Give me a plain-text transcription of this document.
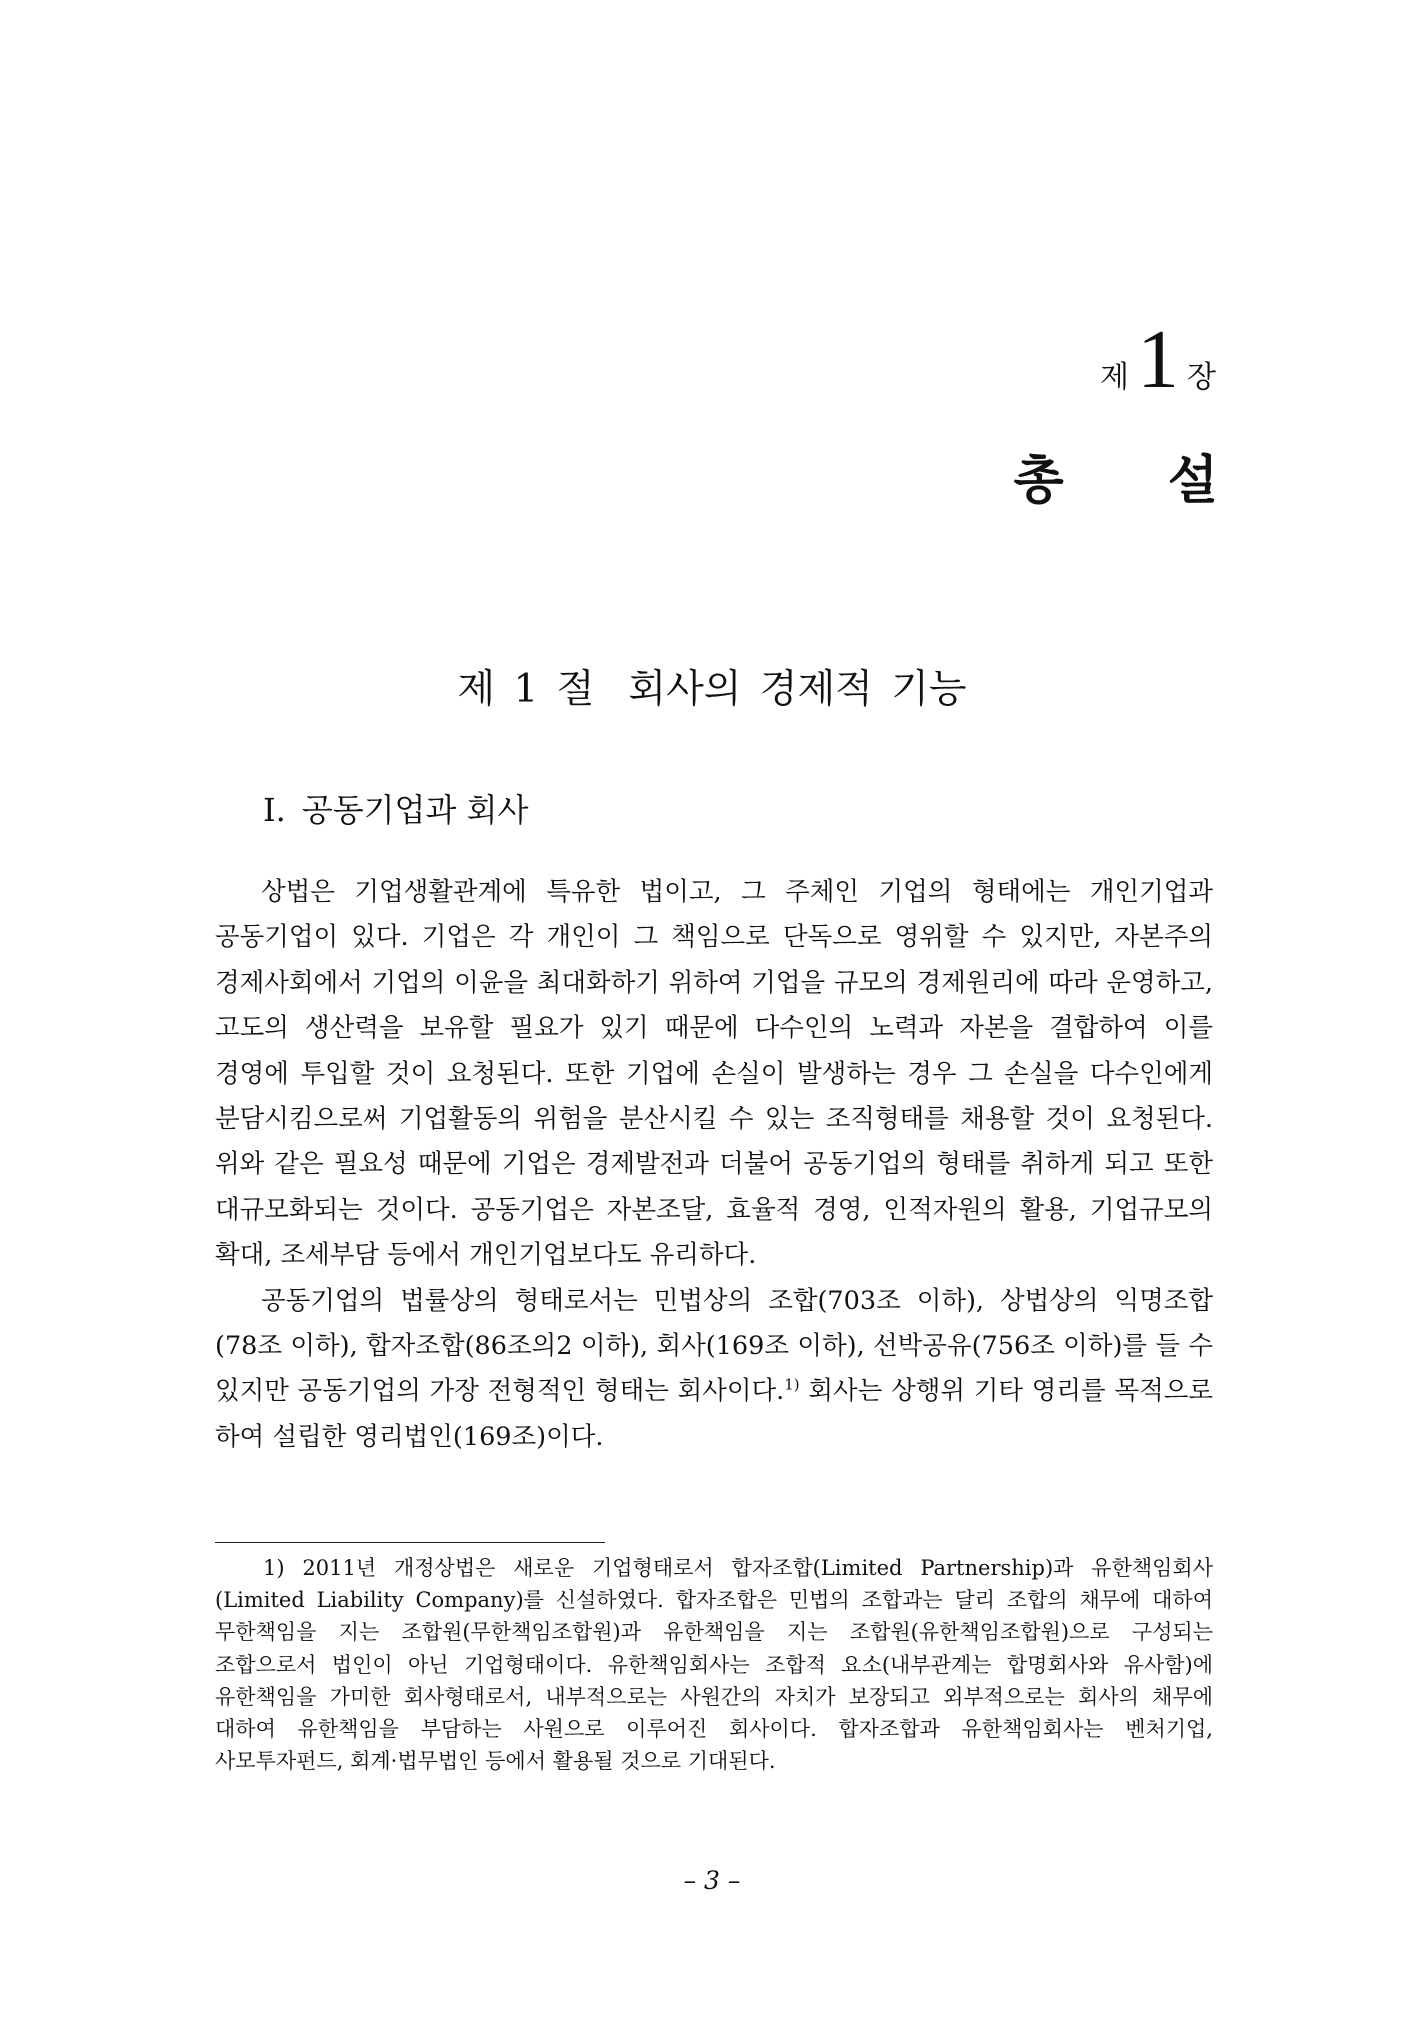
제 1 장
총 설
제 1 절 회사의 경제적 기능
Ⅰ. 공동기업과 회사

상법은 기업생활관계에 특유한 법이고, 그 주체인 기업의 형태에는 개인기업과 공동기업이 있다. 기업은 각 개인이 그 책임으로 단독으로 영위할 수 있지만, 자본주의 경제사회에서 기업의 이윤을 최대화하기 위하여 기업을 규모의 경제원리에 따라 운영하고, 고도의 생산력을 보유할 필요가 있기 때문에 다수인의 노력과 자본을 결합하여 이를 경영에 투입할 것이 요청된다. 또한 기업에 손실이 발생하는 경우 그 손실을 다수인에게 분담시킴으로써 기업활동의 위험을 분산시킬 수 있는 조직형태를 채용할 것이 요청된다. 위와 같은 필요성 때문에 기업은 경제발전과 더불어 공동기업의 형태를 취하게 되고 또한 대규모화되는 것이다. 공동기업은 자본조달, 효율적 경영, 인적자원의 활용, 기업규모의 확대, 조세부담 등에서 개인기업보다도 유리하다.

공동기업의 법률상의 형태로서는 민법상의 조합(703조 이하), 상법상의 익명조합(78조 이하), 합자조합(86조의2 이하), 회사(169조 이하), 선박공유(756조 이하)를 들 수 있지만 공동기업의 가장 전형적인 형태는 회사이다.$^{1)}$ 회사는 상행위 기타 영리를 목적으로 하여 설립한 영리법인(169조)이다.

1) 2011년 개정상법은 새로운 기업형태로서 합자조합(Limited Partnership)과 유한책임회사(Limited Liability Company)를 신설하였다. 합자조합은 민법의 조합과는 달리 조합의 채무에 대하여 무한책임을 지는 조합원(무한책임조합원)과 유한책임을 지는 조합원(유한책임조합원)으로 구성되는 조합으로서 법인이 아닌 기업형태이다. 유한책임회사는 조합적 요소(내부관계는 합명회사와 유사함)에 유한책임을 가미한 회사형태로서, 내부적으로는 사원간의 자치가 보장되고 외부적으로는 회사의 채무에 대하여 유한책임을 부담하는 사원으로 이루어진 회사이다. 합자조합과 유한책임회사는 벤처기업, 사모투자펀드, 회계·법무법인 등에서 활용될 것으로 기대된다.

– 3 –
